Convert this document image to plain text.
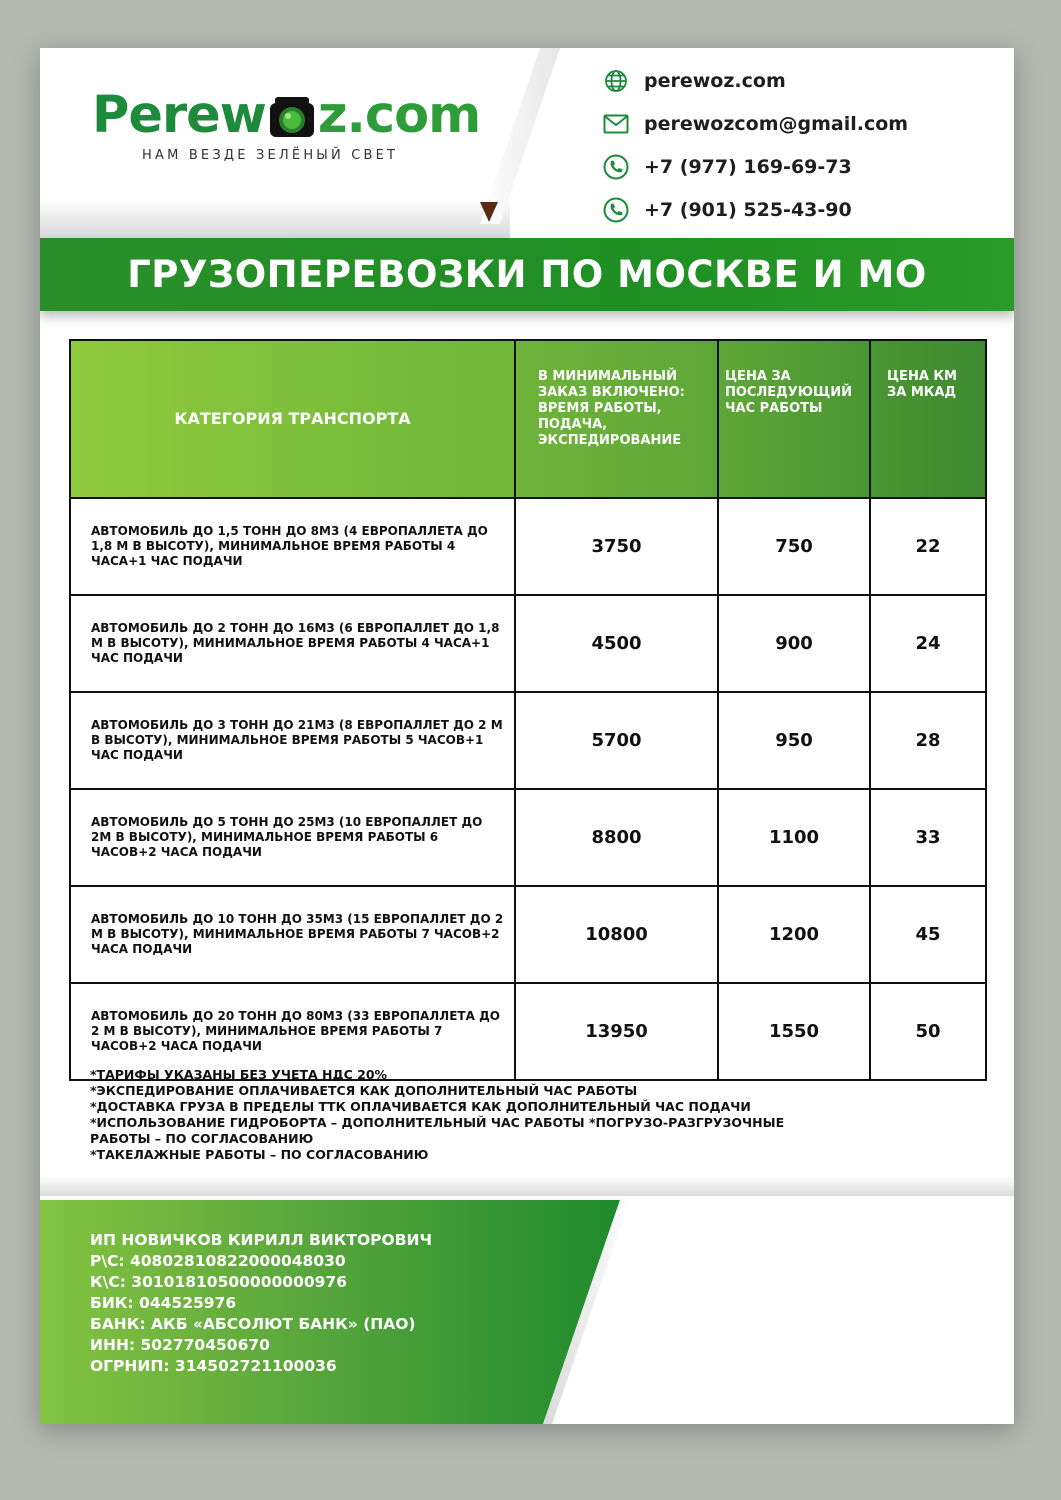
Perew z.com
НАМ ВЕЗДЕ ЗЕЛЁНЫЙ СВЕТ
perewoz.com
perewozcom@gmail.com
+7 (977) 169-69-73
+7 (901) 525-43-90
ГРУЗОПЕРЕВОЗКИ ПО МОСКВЕ И МО
КАТЕГОРИЯ ТРАНСПОРТА	В МИНИМАЛЬНЫЙ ЗАКАЗ ВКЛЮЧЕНО: ВРЕМЯ РАБОТЫ, ПОДАЧА, ЭКСПЕДИРОВАНИЕ	ЦЕНА ЗА ПОСЛЕДУЮЩИЙ ЧАС РАБОТЫ	ЦЕНА КМ ЗА МКАД
АВТОМОБИЛЬ ДО 1,5 ТОНН ДО 8М3 (4 ЕВРОПАЛЛЕТА ДО 1,8 М В ВЫСОТУ), МИНИМАЛЬНОЕ ВРЕМЯ РАБОТЫ 4 ЧАСА+1 ЧАС ПОДАЧИ	3750	750	22
АВТОМОБИЛЬ ДО 2 ТОНН ДО 16М3 (6 ЕВРОПАЛЛЕТ ДО 1,8 М В ВЫСОТУ), МИНИМАЛЬНОЕ ВРЕМЯ РАБОТЫ 4 ЧАСА+1 ЧАС ПОДАЧИ	4500	900	24
АВТОМОБИЛЬ ДО 3 ТОНН ДО 21М3 (8 ЕВРОПАЛЛЕТ ДО 2 М В ВЫСОТУ), МИНИМАЛЬНОЕ ВРЕМЯ РАБОТЫ 5 ЧАСОВ+1 ЧАС ПОДАЧИ	5700	950	28
АВТОМОБИЛЬ ДО 5 ТОНН ДО 25М3 (10 ЕВРОПАЛЛЕТ ДО 2М В ВЫСОТУ), МИНИМАЛЬНОЕ ВРЕМЯ РАБОТЫ 6 ЧАСОВ+2 ЧАСА ПОДАЧИ	8800	1100	33
АВТОМОБИЛЬ ДО 10 ТОНН ДО 35М3 (15 ЕВРОПАЛЛЕТ ДО 2 М В ВЫСОТУ), МИНИМАЛЬНОЕ ВРЕМЯ РАБОТЫ 7 ЧАСОВ+2 ЧАСА ПОДАЧИ	10800	1200	45
АВТОМОБИЛЬ ДО 20 ТОНН ДО 80М3 (33 ЕВРОПАЛЛЕТА ДО 2 М В ВЫСОТУ), МИНИМАЛЬНОЕ ВРЕМЯ РАБОТЫ 7 ЧАСОВ+2 ЧАСА ПОДАЧИ	13950	1550	50
*ТАРИФЫ УКАЗАНЫ БЕЗ УЧЕТА НДС 20%
*ЭКСПЕДИРОВАНИЕ ОПЛАЧИВАЕТСЯ КАК ДОПОЛНИТЕЛЬНЫЙ ЧАС РАБОТЫ
*ДОСТАВКА ГРУЗА В ПРЕДЕЛЫ ТТК ОПЛАЧИВАЕТСЯ КАК ДОПОЛНИТЕЛЬНЫЙ ЧАС ПОДАЧИ
*ИСПОЛЬЗОВАНИЕ ГИДРОБОРТА – ДОПОЛНИТЕЛЬНЫЙ ЧАС РАБОТЫ *ПОГРУЗО-РАЗГРУЗОЧНЫЕ
РАБОТЫ – ПО СОГЛАСОВАНИЮ
*ТАКЕЛАЖНЫЕ РАБОТЫ – ПО СОГЛАСОВАНИЮ
ИП НОВИЧКОВ КИРИЛЛ ВИКТОРОВИЧ
Р\С: 40802810822000048030
К\С: 30101810500000000976
БИК: 044525976
БАНК: АКБ «АБСОЛЮТ БАНК» (ПАО)
ИНН: 502770450670
ОГРНИП: 314502721100036
